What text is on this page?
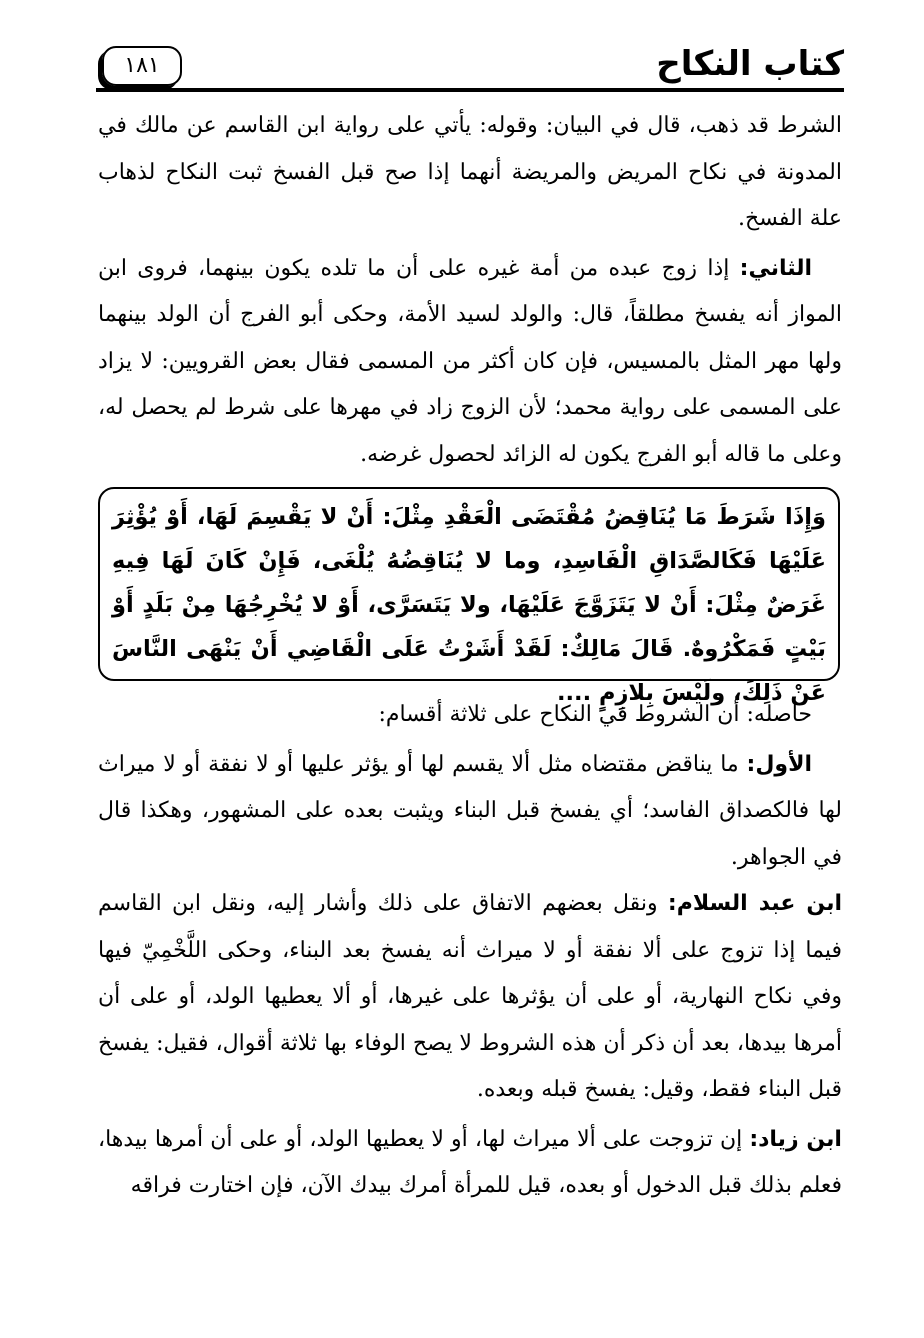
كتاب النكاح
١٨١

الشرط قد ذهب، قال في البيان: وقوله: يأتي على رواية ابن القاسم عن مالك في المدونة في نكاح المريض والمريضة أنهما إذا صح قبل الفسخ ثبت النكاح لذهاب علة الفسخ.

الثاني: إذا زوج عبده من أمة غيره على أن ما تلده يكون بينهما، فروى ابن المواز أنه يفسخ مطلقاً، قال: والولد لسيد الأمة، وحكى أبو الفرج أن الولد بينهما ولها مهر المثل بالمسيس، فإن كان أكثر من المسمى فقال بعض القرويين: لا يزاد على المسمى على رواية محمد؛ لأن الزوج زاد في مهرها على شرط لم يحصل له، وعلى ما قاله أبو الفرج يكون له الزائد لحصول غرضه.

وَإِذَا شَرَطَ مَا يُنَاقِضُ مُقْتَضَى الْعَقْدِ مِثْلَ: أَنْ لا يَقْسِمَ لَهَا، أَوْ يُؤْثِرَ عَلَيْهَا فَكَالصَّدَاقِ الْفَاسِدِ، وما لا يُنَاقِضُهُ يُلْغَى، فَإِنْ كَانَ لَهَا فِيهِ غَرَضٌ مِثْلَ: أَنْ لا يَتَزَوَّجَ عَلَيْهَا، ولا يَتَسَرَّى، أَوْ لا يُخْرِجُهَا مِنْ بَلَدٍ أَوْ بَيْتٍ فَمَكْرُوهٌ. قَالَ مَالِكٌ: لَقَدْ أَشَرْتُ عَلَى الْقَاضِي أَنْ يَنْهَى النَّاسَ عَنْ ذَلِكَ، ولَيْسَ بِلازِمٍ ....

حاصله: أن الشروط في النكاح على ثلاثة أقسام:

الأول: ما يناقض مقتضاه مثل ألا يقسم لها أو يؤثر عليها أو لا نفقة أو لا ميراث لها فالكصداق الفاسد؛ أي يفسخ قبل البناء ويثبت بعده على المشهور، وهكذا قال في الجواهر.

ابن عبد السلام: ونقل بعضهم الاتفاق على ذلك وأشار إليه، ونقل ابن القاسم فيما إذا تزوج على ألا نفقة أو لا ميراث أنه يفسخ بعد البناء، وحكى اللَّخْمِيّ فيها وفي نكاح النهارية، أو على أن يؤثرها على غيرها، أو ألا يعطيها الولد، أو على أن أمرها بيدها، بعد أن ذكر أن هذه الشروط لا يصح الوفاء بها ثلاثة أقوال، فقيل: يفسخ قبل البناء فقط، وقيل: يفسخ قبله وبعده.

ابن زياد: إن تزوجت على ألا ميراث لها، أو لا يعطيها الولد، أو على أن أمرها بيدها، فعلم بذلك قبل الدخول أو بعده، قيل للمرأة أمرك بيدك الآن، فإن اختارت فراقه
